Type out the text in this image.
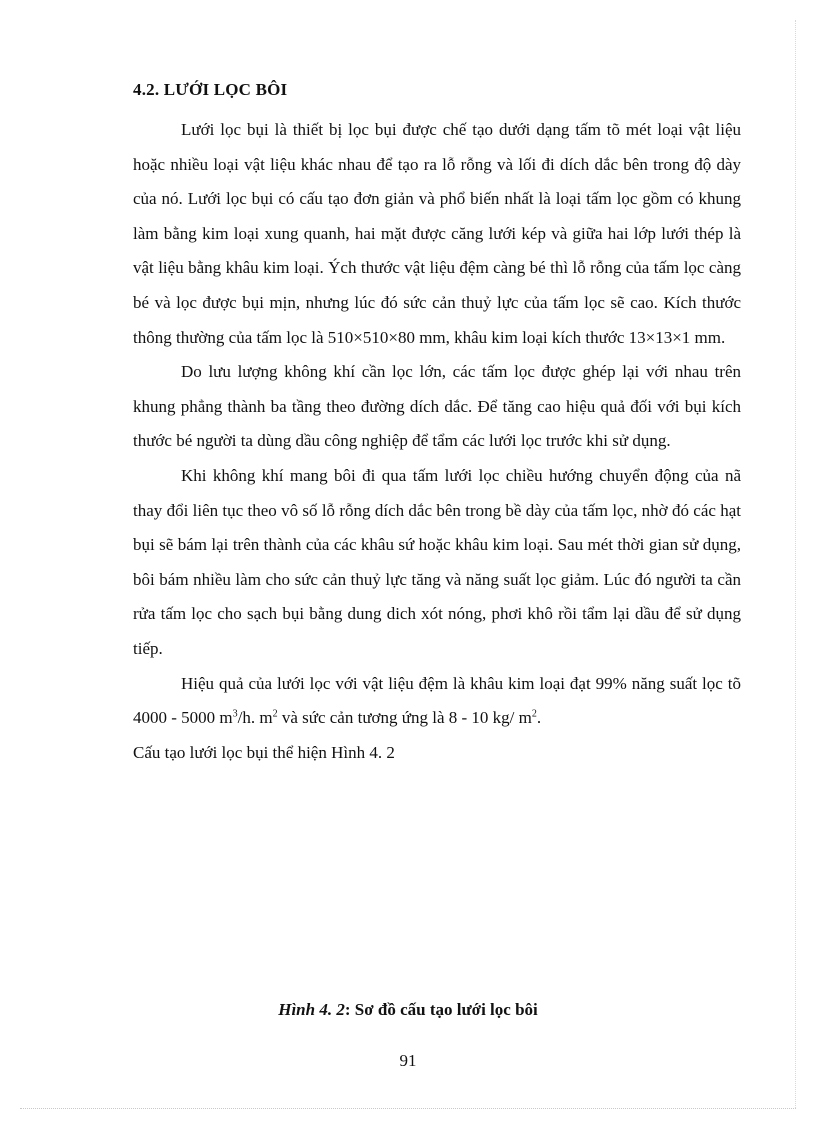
4.2. LƯỚI LỌC BÔI

Lưới lọc bụi là thiết bị lọc bụi được chế tạo dưới dạng tấm tõ mét loại vật liệu hoặc nhiều loại vật liệu khác nhau để tạo ra lỗ rỗng và lối đi dích dắc bên trong độ dày của nó. Lưới lọc bụi có cấu tạo đơn giản và phổ biến nhất là loại tấm lọc gồm có khung làm bằng kim loại xung quanh, hai mặt được căng lưới kép và giữa hai lớp lưới thép là vật liệu bằng khâu kim loại. Ých thước vật liệu đệm càng bé thì lỗ rỗng của tấm lọc càng bé và lọc được bụi mịn, nhưng lúc đó sức cản thuỷ lực của tấm lọc sẽ cao. Kích thước thông thường của tấm lọc là 510×510×80 mm, khâu kim loại kích thước 13×13×1 mm.

Do lưu lượng không khí cần lọc lớn, các tấm lọc được ghép lại với nhau trên khung phẳng thành ba tầng theo đường dích dắc. Để tăng cao hiệu quả đối với bụi kích thước bé người ta dùng dầu công nghiệp để tẩm các lưới lọc trước khi sử dụng.

Khi không khí mang bôi đi qua tấm lưới lọc chiều hướng chuyển động của nã thay đổi liên tục theo vô số lỗ rỗng dích dắc bên trong bề dày của tấm lọc, nhờ đó các hạt bụi sẽ bám lại trên thành của các khâu sứ hoặc khâu kim loại. Sau mét thời gian sử dụng, bôi bám nhiều làm cho sức cản thuỷ lực tăng và năng suất lọc giảm. Lúc đó người ta cần rửa tấm lọc cho sạch bụi bằng dung dich xót nóng, phơi khô rồi tẩm lại dầu để sử dụng tiếp.

Hiệu quả của lưới lọc với vật liệu đệm là khâu kim loại đạt 99% năng suất lọc tõ 4000 - 5000 $m^3/h$. $m^2$ và sức cản tương ứng là 8 - 10 kg/ $m^2$.

Cấu tạo lưới lọc bụi thể hiện Hình 4. 2

Hình 4. 2: Sơ đồ cấu tạo lưới lọc bôi
91
